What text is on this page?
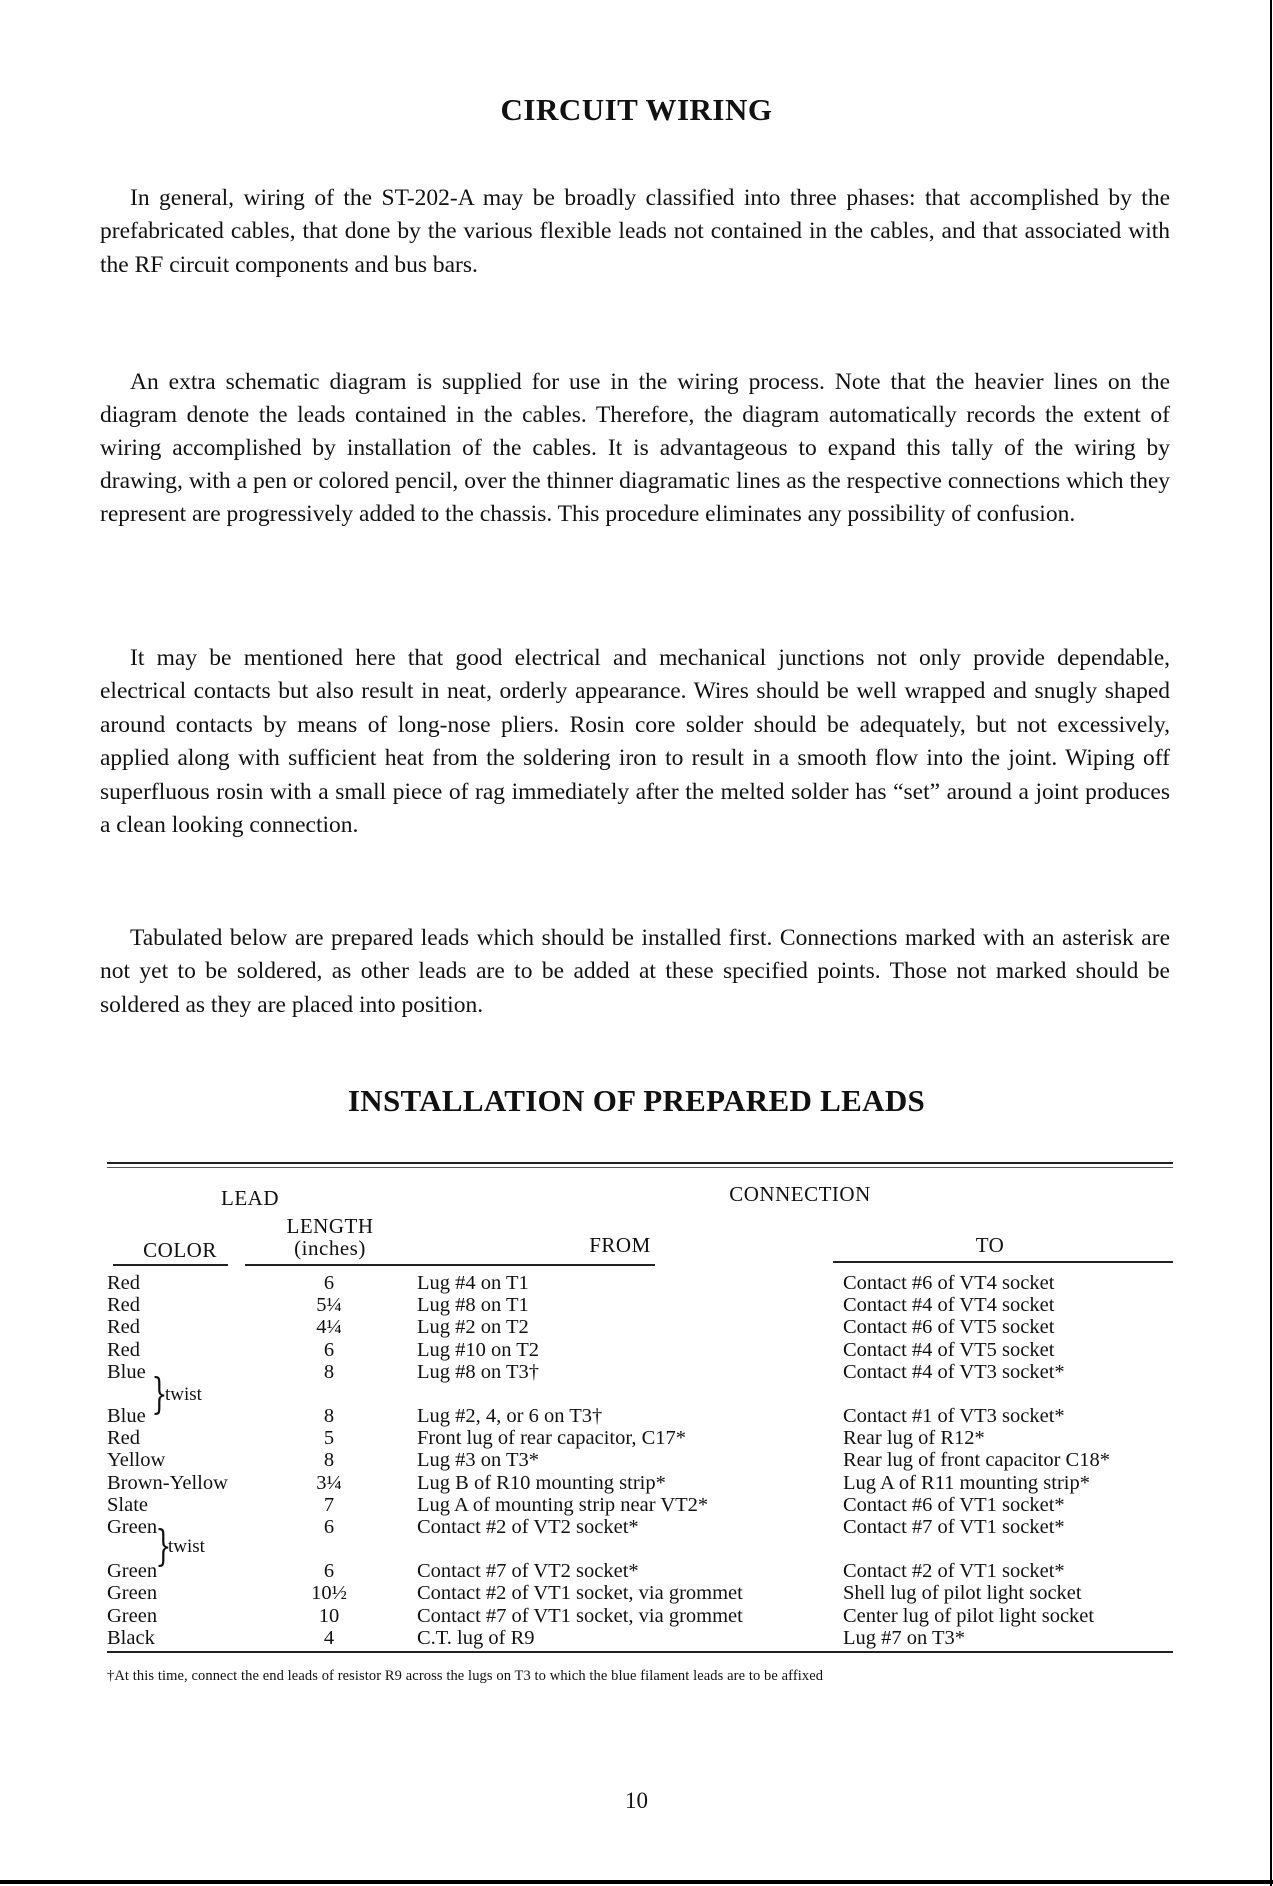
CIRCUIT WIRING

In general, wiring of the ST-202-A may be broadly classified into three phases: that accomplished by the prefabricated cables, that done by the various flexible leads not contained in the cables, and that associated with the RF circuit components and bus bars.

An extra schematic diagram is supplied for use in the wiring process. Note that the heavier lines on the diagram denote the leads contained in the cables. Therefore, the diagram automatically records the extent of wiring accomplished by installation of the cables. It is advantageous to expand this tally of the wiring by drawing, with a pen or colored pencil, over the thinner diagramatic lines as the respective connections which they represent are progressively added to the chassis. This procedure eliminates any possibility of confusion.

It may be mentioned here that good electrical and mechanical junctions not only provide dependable, electrical contacts but also result in neat, orderly appearance. Wires should be well wrapped and snugly shaped around contacts by means of long-nose pliers. Rosin core solder should be adequately, but not excessively, applied along with sufficient heat from the soldering iron to result in a smooth flow into the joint. Wiping off superfluous rosin with a small piece of rag immediately after the melted solder has “set” around a joint produces a clean looking connection.

Tabulated below are prepared leads which should be installed first. Connections marked with an asterisk are not yet to be soldered, as other leads are to be added at these specified points. Those not marked should be soldered as they are placed into position.

INSTALLATION OF PREPARED LEADS
LEAD	CONNECTION
LENGTH
(inches)
COLOR	FROM	TO
Red	6	Lug #4 on T1	Contact #6 of VT4 socket
Red	5¼	Lug #8 on T1	Contact #4 of VT4 socket
Red	4¼	Lug #2 on T2	Contact #6 of VT5 socket
Red	6	Lug #10 on T2	Contact #4 of VT5 socket
Blue	8	Lug #8 on T3†	Contact #4 of VT3 socket*
Blue	8	Lug #2, 4, or 6 on T3†	Contact #1 of VT3 socket*
Red	5	Front lug of rear capacitor, C17*	Rear lug of R12*
Yellow	8	Lug #3 on T3*	Rear lug of front capacitor C18*
Brown-Yellow	3¼	Lug B of R10 mounting strip*	Lug A of R11 mounting strip*
Slate	7	Lug A of mounting strip near VT2*	Contact #6 of VT1 socket*
Green	6	Contact #2 of VT2 socket*	Contact #7 of VT1 socket*
Green	6	Contact #7 of VT2 socket*	Contact #2 of VT1 socket*
Green	10½	Contact #2 of VT1 socket, via grommet	Shell lug of pilot light socket
Green	10	Contact #7 of VT1 socket, via grommet	Center lug of pilot light socket
Black	4	C.T. lug of R9	Lug #7 on T3*
}
twist
}
twist
†At this time, connect the end leads of resistor R9 across the lugs on T3 to which the blue filament leads are to be affixed
10
